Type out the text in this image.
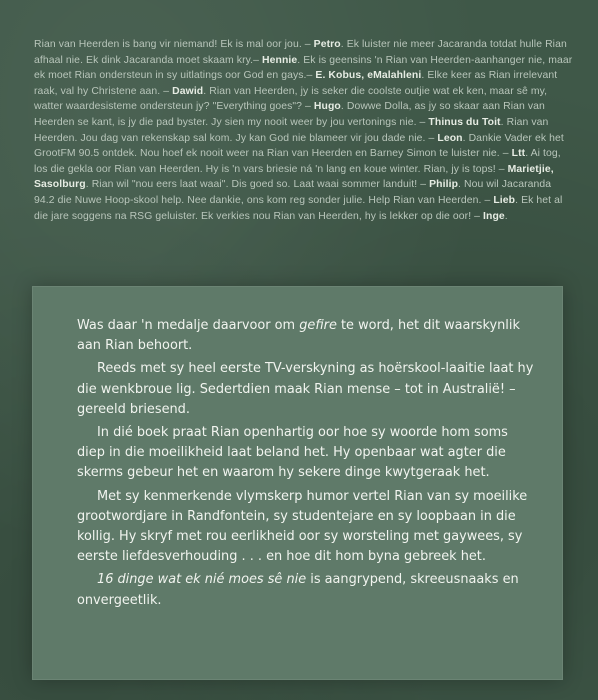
Rian van Heerden is bang vir niemand! Ek is mal oor jou. – Petro. Ek luister nie meer Jacaranda totdat hulle Rian afhaal nie. Ek dink Jacaranda moet skaam kry.– Hennie. Ek is geensins 'n Rian van Heerden-aanhanger nie, maar ek moet Rian ondersteun in sy uitlatings oor God en gays.– E. Kobus, eMalahleni. Elke keer as Rian irrelevant raak, val hy Christene aan. – Dawid. Rian van Heerden, jy is seker die coolste outjie wat ek ken, maar sê my, watter waardesisteme ondersteun jy? "Everything goes"? – Hugo. Dowwe Dolla, as jy so skaar aan Rian van Heerden se kant, is jy die pad byster. Jy sien my nooit weer by jou vertonings nie. – Thinus du Toit. Rian van Heerden. Jou dag van rekenskap sal kom. Jy kan God nie blameer vir jou dade nie. – Leon. Dankie Vader ek het GrootFM 90.5 ontdek. Nou hoef ek nooit weer na Rian van Heerden en Barney Simon te luister nie. – Ltt. Ai tog, los die gekla oor Rian van Heerden. Hy is 'n vars briesie ná 'n lang en koue winter. Rian, jy is tops! – Marietjie, Sasolburg. Rian wil "nou eers laat waai". Dis goed so. Laat waai sommer landuit! – Philip. Nou wil Jacaranda 94.2 die Nuwe Hoop-skool help. Nee dankie, ons kom reg sonder julie. Help Rian van Heerden. – Lieb. Ek het al die jare soggens na RSG geluister. Ek verkies nou Rian van Heerden, hy is lekker op die oor! – Inge.

Was daar 'n medalje daarvoor om gefire te word, het dit waarskynlik aan Rian behoort.

Reeds met sy heel eerste TV-verskyning as hoërskool-laaitie laat hy die wenkbroue lig. Sedertdien maak Rian mense – tot in Australië! – gereeld briesend.

In dié boek praat Rian openhartig oor hoe sy woorde hom soms diep in die moeilikheid laat beland het. Hy openbaar wat agter die skerms gebeur het en waarom hy sekere dinge kwytgeraak het.

Met sy kenmerkende vlymskerp humor vertel Rian van sy moeilike grootwordjare in Randfontein, sy studentejare en sy loopbaan in die kollig. Hy skryf met rou eerlikheid oor sy worsteling met gaywees, sy eerste liefdesverhouding . . . en hoe dit hom byna gebreek het.

16 dinge wat ek nié moes sê nie is aangrypend, skreeusnaaks en onvergeetlik.
